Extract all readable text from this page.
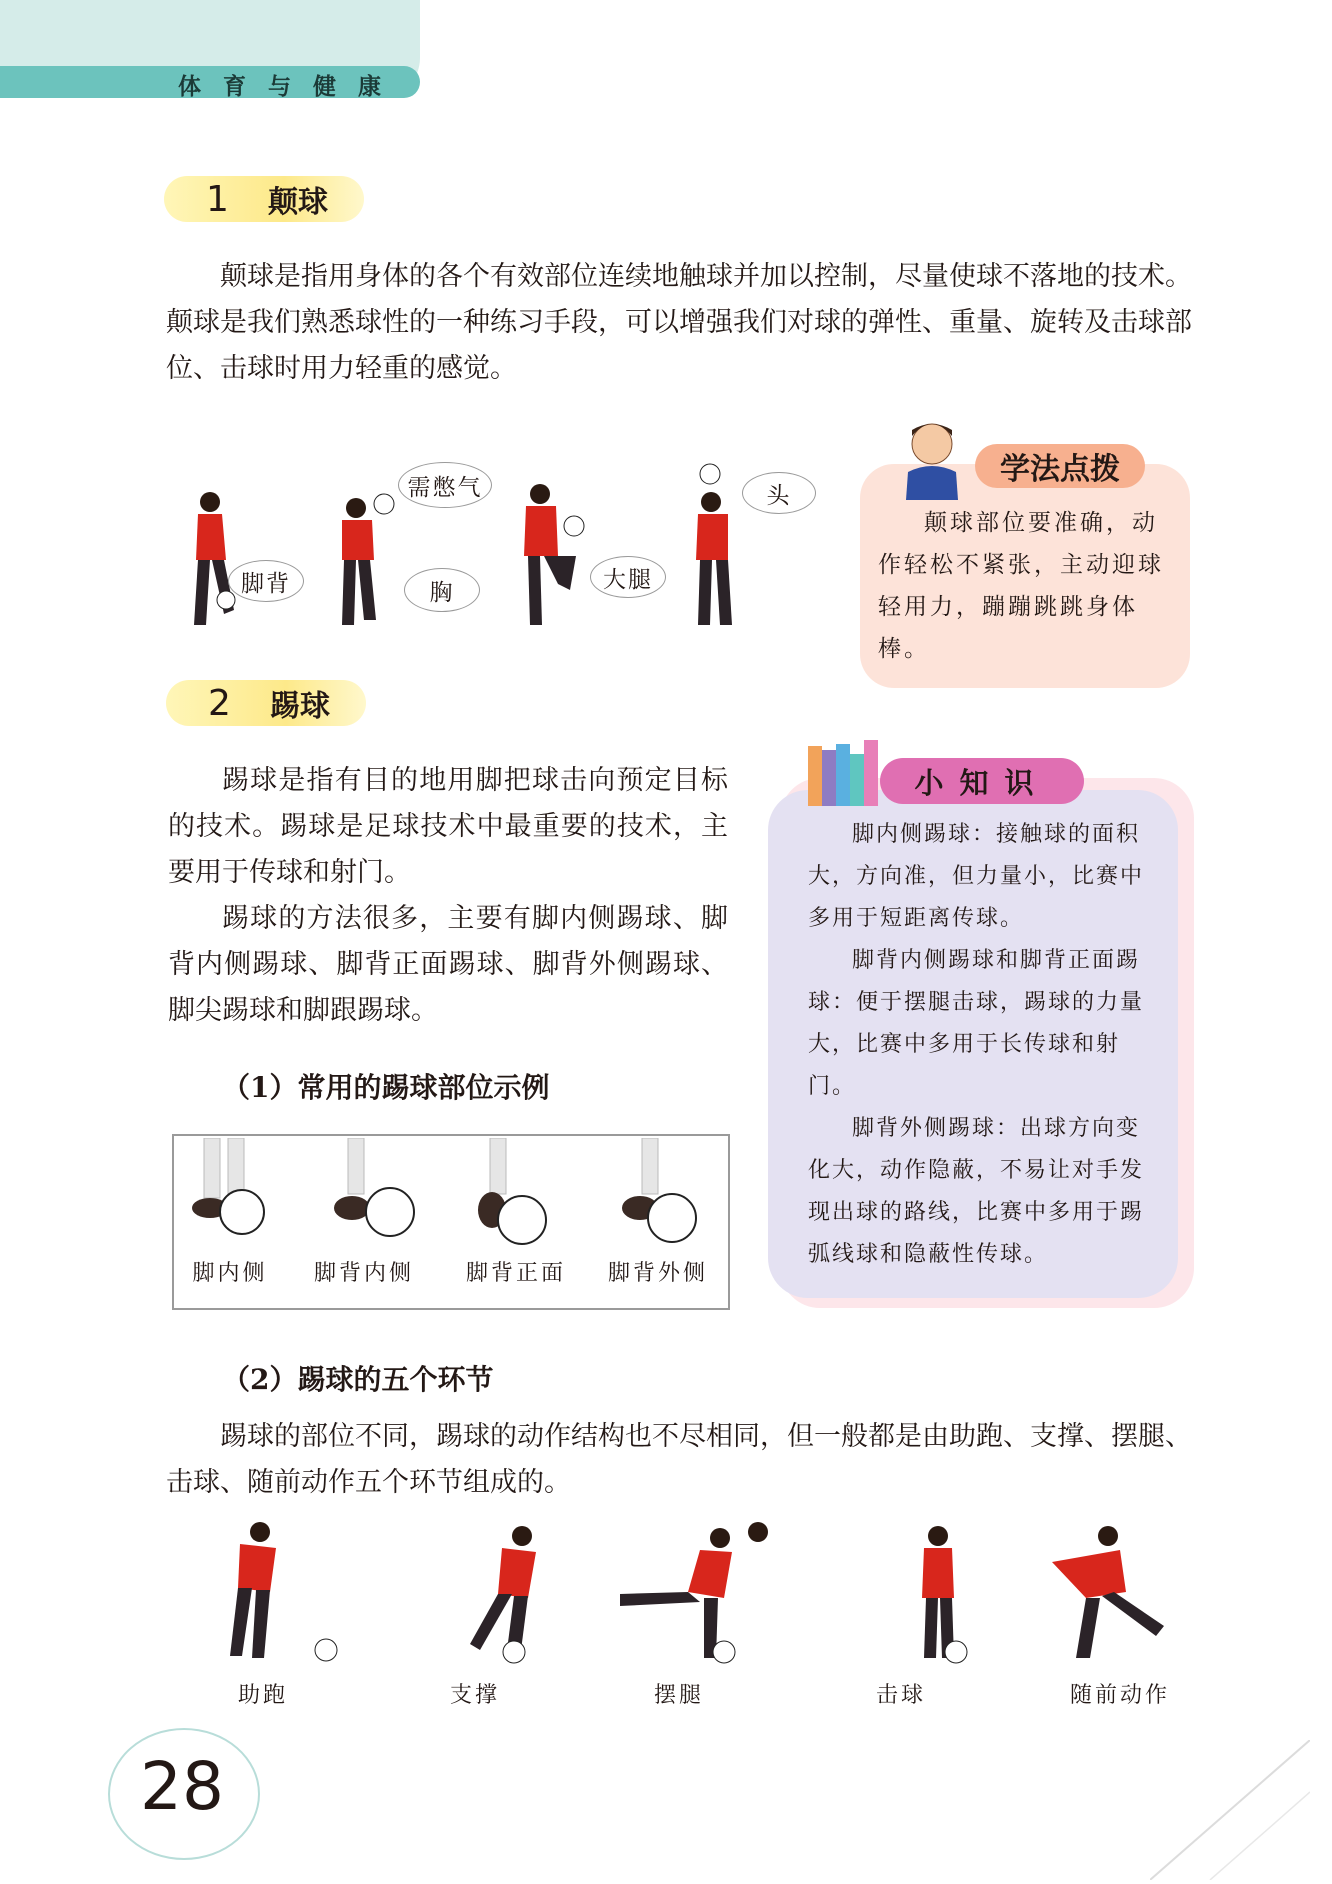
体育与健康
1	颠球

颠球是指用身体的各个有效部位连续地触球并加以控制，尽量使球不落地的技术。颠球是我们熟悉球性的一种练习手段，可以增强我们对球的弹性、重量、旋转及击球部位、击球时用力轻重的感觉。

脚背
需憋气
胸	大腿
头
学法点拨

颠球部位要准确，动作轻松不紧张，主动迎球轻用力，蹦蹦跳跳身体棒。

2	踢球

踢球是指有目的地用脚把球击向预定目标的技术。踢球是足球技术中最重要的技术，主要用于传球和射门。

踢球的方法很多，主要有脚内侧踢球、脚背内侧踢球、脚背正面踢球、脚背外侧踢球、脚尖踢球和脚跟踢球。

小知识

脚内侧踢球：接触球的面积大，方向准，但力量小，比赛中多用于短距离传球。

脚背内侧踢球和脚背正面踢球：便于摆腿击球，踢球的力量大，比赛中多用于长传球和射门。

脚背外侧踢球：出球方向变化大，动作隐蔽，不易让对手发现出球的路线，比赛中多用于踢弧线球和隐蔽性传球。

（1）常用的踢球部位示例
脚内侧	脚背内侧	脚背正面	脚背外侧
（2）踢球的五个环节

踢球的部位不同，踢球的动作结构也不尽相同，但一般都是由助跑、支撑、摆腿、击球、随前动作五个环节组成的。

助跑	支撑	摆腿	击球	随前动作
28
